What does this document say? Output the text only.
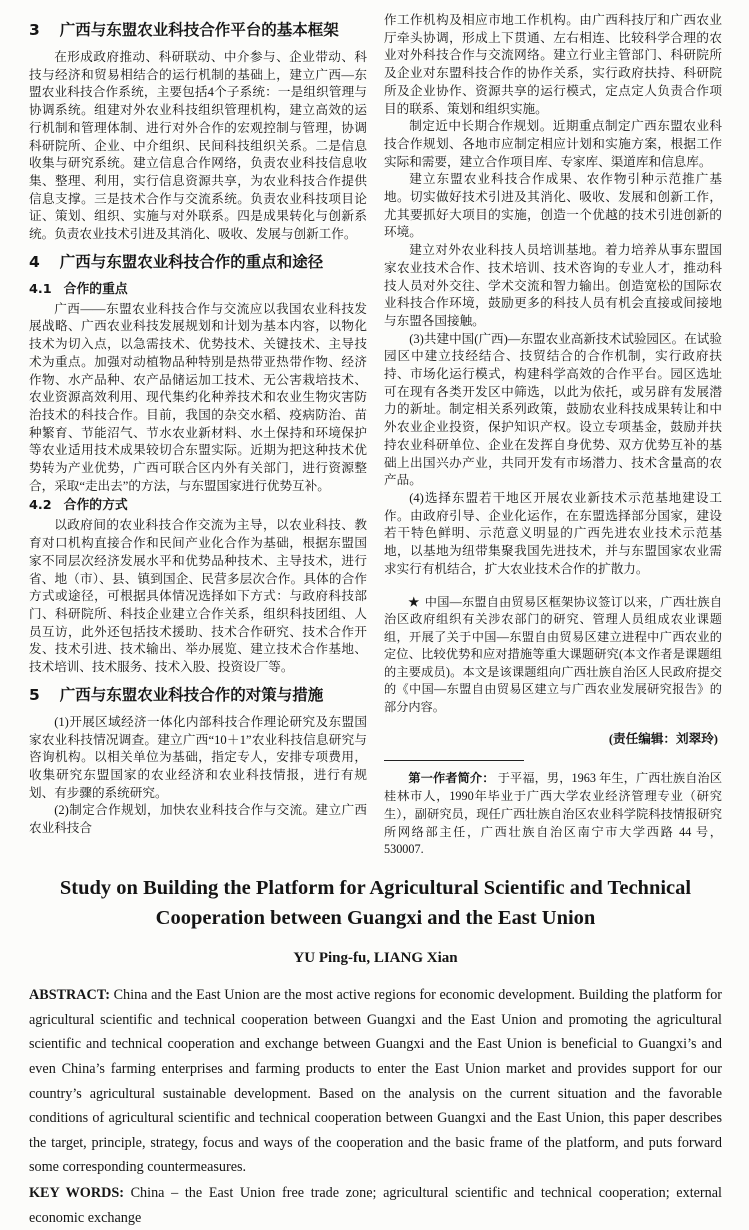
3 广西与东盟农业科技合作平台的基本框架

在形成政府推动、科研联动、中介参与、企业带动、科技与经济和贸易相结合的运行机制的基础上，建立广西—东盟农业科技合作系统，主要包括4个子系统：一是组织管理与协调系统。组建对外农业科技组织管理机构，建立高效的运行机制和管理体制、进行对外合作的宏观控制与管理，协调科研院所、企业、中介组织、民间科技组织关系。二是信息收集与研究系统。建立信息合作网络，负责农业科技信息收集、整理、利用，实行信息资源共享，为农业科技合作提供信息支撑。三是技术合作与交流系统。负责农业科技项目论证、策划、组织、实施与对外联系。四是成果转化与创新系统。负责农业技术引进及其消化、吸收、发展与创新工作。

4 广西与东盟农业科技合作的重点和途径
4.1 合作的重点

广西——东盟农业科技合作与交流应以我国农业科技发展战略、广西农业科技发展规划和计划为基本内容，以物化技术为切入点，以急需技术、优势技术、关键技术、主导技术为重点。加强对动植物品种特别是热带亚热带作物、经济作物、水产品种、农产品储运加工技术、无公害栽培技术、农业资源高效利用、现代集约化种养技术和农业生物灾害防治技术的科技合作。目前，我国的杂交水稻、疫病防治、苗种繁育、节能沼气、节水农业新材料、水土保持和环境保护等农业适用技术成果较切合东盟实际。近期为把这种技术优势转为产业优势，广西可联合区内外有关部门，进行资源整合，采取“走出去”的方法，与东盟国家进行优势互补。

4.2 合作的方式

以政府间的农业科技合作交流为主导，以农业科技、教育对口机构直接合作和民间产业化合作为基础，根据东盟国家不同层次经济发展水平和优势品种技术、主导技术，进行省、地（市）、县、镇到国企、民营多层次合作。具体的合作方式或途径，可根据具体情况选择如下方式：与政府科技部门、科研院所、科技企业建立合作关系，组织科技团组、人员互访，此外还包括技术援助、技术合作研究、技术合作开发、技术引进、技术输出、举办展览、建立技术合作基地、技术培训、技术服务、技术入股、投资设厂等。

5 广西与东盟农业科技合作的对策与措施

(1)开展区域经济一体化内部科技合作理论研究及东盟国家农业科技情况调查。建立广西“10＋1”农业科技信息研究与咨询机构。以相关单位为基础，指定专人，安排专项费用，收集研究东盟国家的农业经济和农业科技情报，进行有规划、有步骤的系统研究。

(2)制定合作规划，加快农业科技合作与交流。建立广西农业科技合

作工作机构及相应市地工作机构。由广西科技厅和广西农业厅牵头协调，形成上下贯通、左右相连、比较科学合理的农业对外科技合作与交流网络。建立行业主管部门、科研院所及企业对东盟科技合作的协作关系，实行政府扶持、科研院所及企业协作、资源共享的运行模式，定点定人负责合作项目的联系、策划和组织实施。

制定近中长期合作规划。近期重点制定广西东盟农业科技合作规划、各地市应制定相应计划和实施方案，根据工作实际和需要，建立合作项目库、专家库、渠道库和信息库。

建立东盟农业科技合作成果、农作物引种示范推广基地。切实做好技术引进及其消化、吸收、发展和创新工作，尤其要抓好大项目的实施，创造一个优越的技术引进创新的环境。

建立对外农业科技人员培训基地。着力培养从事东盟国家农业技术合作、技术培训、技术咨询的专业人才，推动科技人员对外交往、学术交流和智力输出。创造宽松的国际农业科技合作环境，鼓励更多的科技人员有机会直接或间接地与东盟各国接触。

(3)共建中国(广西)—东盟农业高新技术试验园区。在试验园区中建立技经结合、技贸结合的合作机制，实行政府扶持、市场化运行模式，构建科学高效的合作平台。园区选址可在现有各类开发区中筛选，以此为依托，或另辟有发展潜力的新址。制定相关系列政策，鼓励农业科技成果转让和中外农业企业投资，保护知识产权。设立专项基金，鼓励并扶持农业科研单位、企业在发挥自身优势、双方优势互补的基础上出国兴办产业，共同开发有市场潜力、技术含量高的农产品。

(4)选择东盟若干地区开展农业新技术示范基地建设工作。由政府引导、企业化运作，在东盟选择部分国家，建设若干特色鲜明、示范意义明显的广西先进农业技术示范基地，以基地为纽带集聚我国先进技术，并与东盟国家农业需求实行有机结合，扩大农业技术合作的扩散力。

★ 中国—东盟自由贸易区框架协议签订以来，广西壮族自治区政府组织有关涉农部门的研究、管理人员组成农业课题组，开展了关于中国—东盟自由贸易区建立进程中广西农业的定位、比较优势和应对措施等重大课题研究(本文作者是课题组的主要成员)。本文是该课题组向广西壮族自治区人民政府提交的《中国—东盟自由贸易区建立与广西农业发展研究报告》的部分内容。

(责任编辑：刘翠玲)

第一作者简介： 于平福，男，1963 年生，广西壮族自治区桂林市人，1990年毕业于广西大学农业经济管理专业（研究生），副研究员，现任广西壮族自治区农业科学院科技情报研究所网络部主任，广西壮族自治区南宁市大学西路 44 号，530007.

Study on Building the Platform for Agricultural Scientific and Technical
Cooperation between Guangxi and the East Union
YU Ping-fu, LIANG Xian

ABSTRACT: China and the East Union are the most active regions for economic development. Building the platform for agricultural scientific and technical cooperation between Guangxi and the East Union and promoting the agricultural scientific and technical cooperation and exchange between Guangxi and the East Union is beneficial to Guangxi’s and even China’s farming enterprises and farming products to enter the East Union market and provides support for our country’s agricultural sustainable development. Based on the analysis on the current situation and the favorable conditions of agricultural scientific and technical cooperation between Guangxi and the East Union, this paper describes the target, principle, strategy, focus and ways of the cooperation and the basic frame of the platform, and puts forward some corresponding countermeasures.

KEY WORDS: China – the East Union free trade zone; agricultural scientific and technical cooperation; external economic exchange
